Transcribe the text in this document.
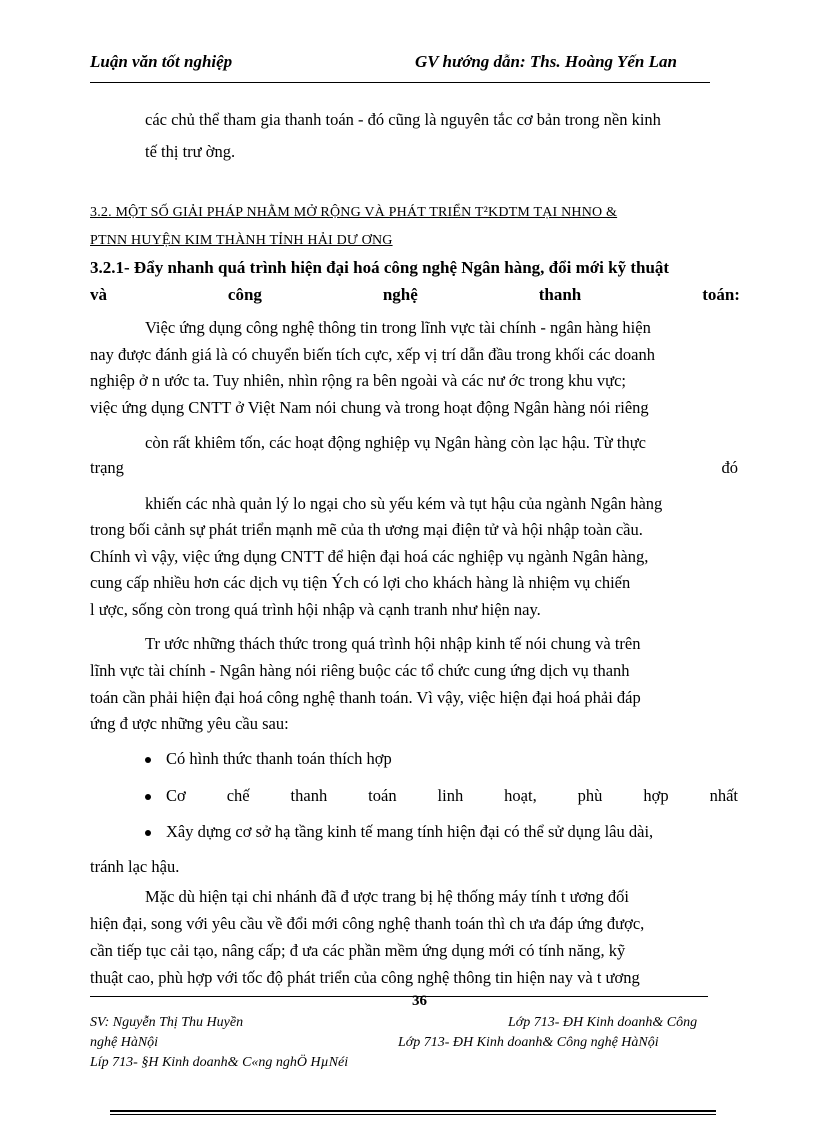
Luận văn tốt nghiệp	GV hướng dẫn: Ths. Hoàng Yến Lan
các chủ thể tham gia thanh toán - đó cũng là nguyên tắc cơ bản trong nền kinh
tế thị trư ờng.
3.2. MỘT SỐ GIẢI PHÁP NHẰM MỞ RỘNG VÀ PHÁT TRIỂN T²KDTM TẠI NHNO &
PTNN HUYỆN KIM THÀNH TỈNH HẢI DƯ ƠNG
3.2.1- Đẩy nhanh quá trình hiện đại hoá công nghệ Ngân hàng, đổi mới kỹ thuật
và	công	nghệ	thanh	toán:
Việc ứng dụng công nghệ thông tin trong lĩnh vực tài chính - ngân hàng hiện
nay được đánh giá là có chuyển biến tích cực, xếp vị trí dẫn đầu trong khối các doanh
nghiệp ở n ước ta. Tuy nhiên, nhìn rộng ra bên ngoài và các nư ớc trong khu vực;
việc ứng dụng CNTT ở Việt Nam nói chung và trong hoạt động Ngân hàng nói riêng
còn rất khiêm tốn, các hoạt động nghiệp vụ Ngân hàng còn lạc hậu. Từ thực
trạng	đó
khiến các nhà quản lý lo ngại cho sù yếu kém và tụt hậu của ngành Ngân hàng
trong bối cảnh sự phát triển mạnh mẽ của th ương mại điện tử và hội nhập toàn cầu.
Chính vì vậy, việc ứng dụng CNTT để hiện đại hoá các nghiệp vụ ngành Ngân hàng,
cung cấp nhiều hơn các dịch vụ tiện Ých có lợi cho khách hàng là nhiệm vụ chiến
l ược, sống còn trong quá trình hội nhập và cạnh tranh như hiện nay.
Tr ước những thách thức trong quá trình hội nhập kinh tế nói chung và trên
lĩnh vực tài chính - Ngân hàng nói riêng buộc các tổ chức cung ứng dịch vụ thanh
toán cần phải hiện đại hoá công nghệ thanh toán. Vì vậy, việc hiện đại hoá phải đáp
ứng đ ược những yêu cầu sau:
Có hình thức thanh toán thích hợp
Cơ chế thanh toán linh hoạt, phù hợp nhất
Xây dựng cơ sở hạ tầng kinh tế mang tính hiện đại có thể sử dụng lâu dài,
tránh lạc hậu.
Mặc dù hiện tại chi nhánh đã đ ược trang bị hệ thống máy tính t ương đối
hiện đại, song với yêu cầu về đổi mới công nghệ thanh toán thì ch ưa đáp ứng được,
cần tiếp tục cải tạo, nâng cấp; đ ưa các phần mềm ứng dụng mới có tính năng, kỹ
thuật cao, phù hợp với tốc độ phát triển của công nghệ thông tin hiện nay và t ương
36
SV: Nguyễn Thị Thu Huyền	Lớp 713- ĐH Kinh doanh& Công
nghệ HàNội	Lớp 713- ĐH Kinh doanh& Công nghệ HàNội
Líp 713- §H Kinh doanh& C«ng nghÖ HµNéi
